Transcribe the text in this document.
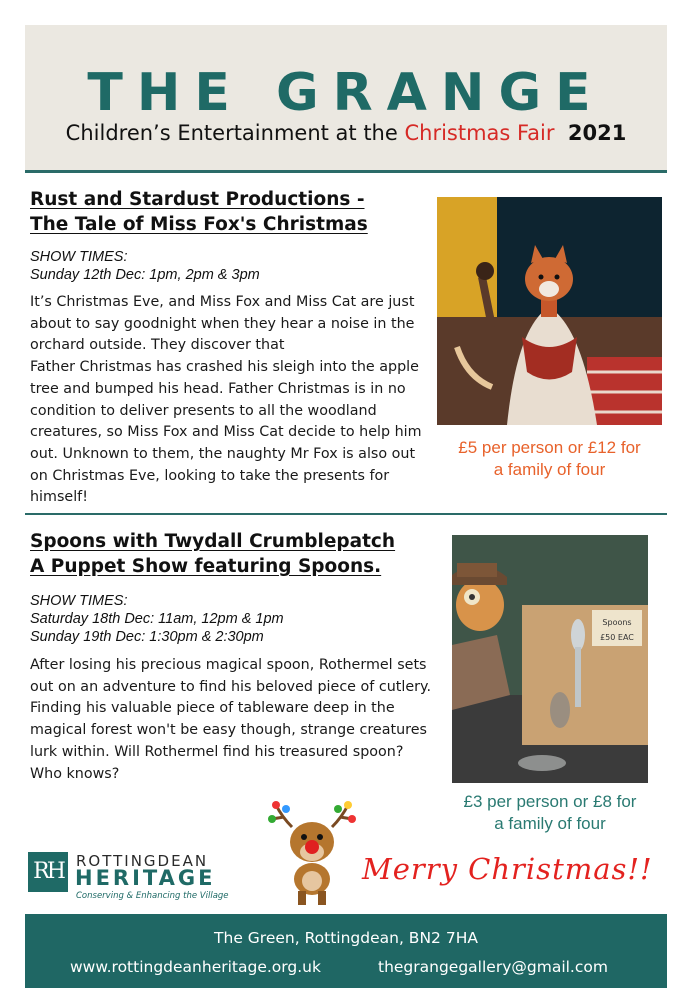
THE GRANGE
Children’s Entertainment at the Christmas Fair 2021
Rust and Stardust Productions -
The Tale of Miss Fox's Christmas
SHOW TIMES:
Sunday 12th Dec: 1pm, 2pm & 3pm
It’s Christmas Eve, and Miss Fox and Miss Cat are just
about to say goodnight when they hear a noise in the
orchard outside. They discover that
Father Christmas has crashed his sleigh into the apple
tree and bumped his head. Father Christmas is in no
condition to deliver presents to all the woodland
creatures, so Miss Fox and Miss Cat decide to help him
out. Unknown to them, the naughty Mr Fox is also out
on Christmas Eve, looking to take the presents for
himself!
£5 per person or £12 for
a family of four
Spoons with Twydall Crumblepatch
A Puppet Show featuring Spoons.
SHOW TIMES:
Saturday 18th Dec: 11am, 12pm & 1pm
Sunday 19th Dec: 1:30pm & 2:30pm
After losing his precious magical spoon, Rothermel sets
out on an adventure to find his beloved piece of cutlery.
Finding his valuable piece of tableware deep in the
magical forest won't be easy though, strange creatures
lurk within. Will Rothermel find his treasured spoon?
Who knows?
Spoons
£50 EAC
£3 per person or £8 for
a family of four
RH ROTTINGDEAN
HERITAGE
Conserving & Enhancing the Village
Merry Christmas!!
The Green, Rottingdean, BN2 7HA
www.rottingdeanheritage.org.uk	thegrangegallery@gmail.com
